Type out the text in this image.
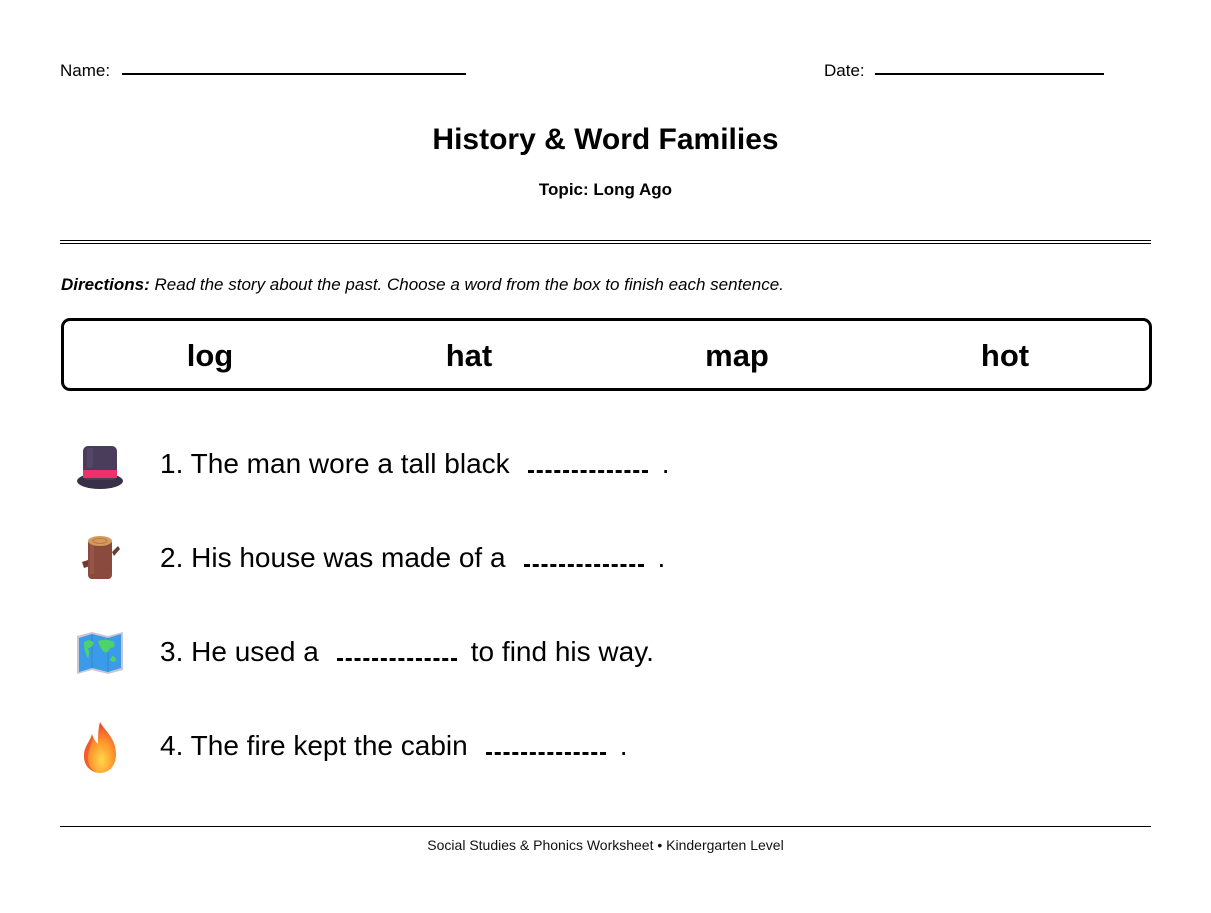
Name:	Date:
History & Word Families
Topic: Long Ago
Directions: Read the story about the past. Choose a word from the box to finish each sentence.
log	hat	map	hot
1. The man wore a tall black	.
2. His house was made of a	.
3. He used a	to find his way.
4. The fire kept the cabin	.
Social Studies & Phonics Worksheet • Kindergarten Level
